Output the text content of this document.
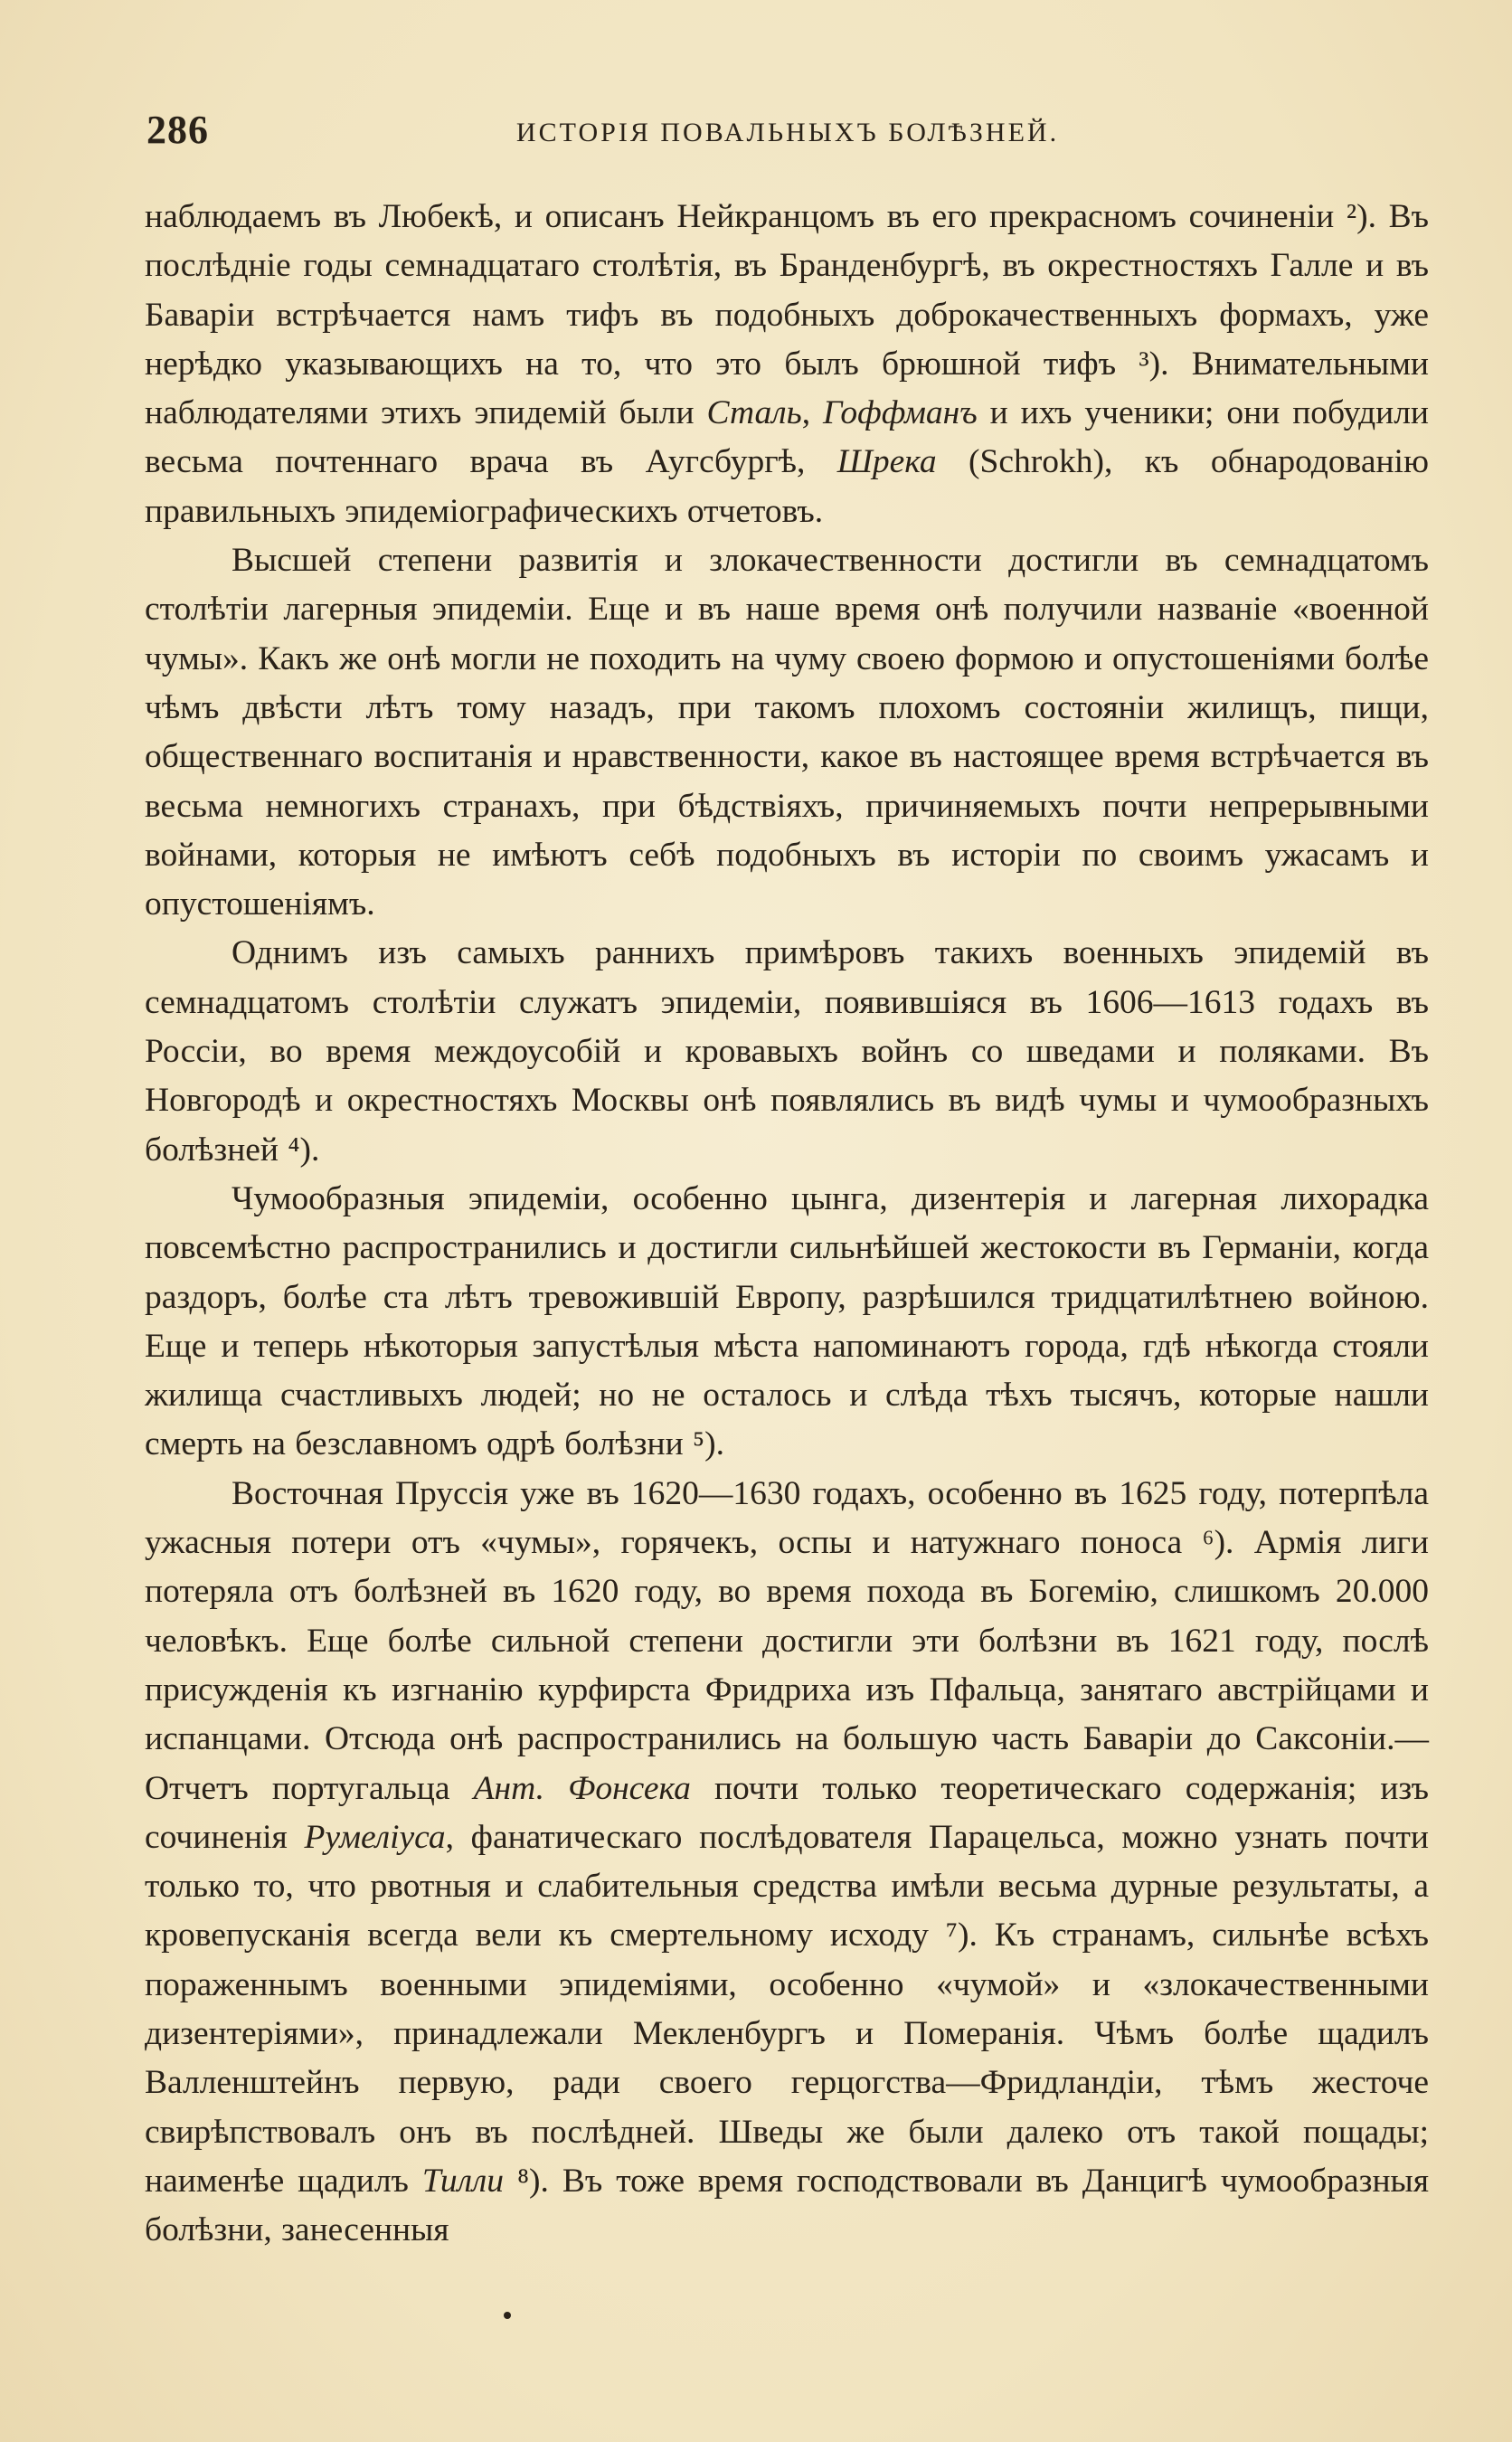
286	ИСТОРІЯ ПОВАЛЬНЫХЪ БОЛѢЗНЕЙ.

наблюдаемъ въ Любекѣ, и описанъ Нейкранцомъ въ его прекрасномъ сочиненіи ²). Въ послѣдніе годы семнадцатаго столѣтія, въ Бранденбургѣ, въ окрестностяхъ Галле и въ Баваріи встрѣчается намъ тифъ въ подобныхъ доброкачественныхъ формахъ, уже нерѣдко указывающихъ на то, что это былъ брюшной тифъ ³). Внимательными наблюдателями этихъ эпидемій были Сталь, Гоффманъ и ихъ ученики; они побудили весьма почтеннаго врача въ Аугсбургѣ, Шрека (Schrokh), къ обнародованію правильныхъ эпидеміографическихъ отчетовъ.

Высшей степени развитія и злокачественности достигли въ семнадцатомъ столѣтіи лагерныя эпидеміи. Еще и въ наше время онѣ получили названіе «военной чумы». Какъ же онѣ могли не походить на чуму своею формою и опустошеніями болѣе чѣмъ двѣсти лѣтъ тому назадъ, при такомъ плохомъ состояніи жилищъ, пищи, общественнаго воспитанія и нравственности, какое въ настоящее время встрѣчается въ весьма немногихъ странахъ, при бѣдствіяхъ, причиняемыхъ почти непрерывными войнами, которыя не имѣютъ себѣ подобныхъ въ исторіи по своимъ ужасамъ и опустошеніямъ.

Однимъ изъ самыхъ раннихъ примѣровъ такихъ военныхъ эпидемій въ семнадцатомъ столѣтіи служатъ эпидеміи, появившіяся въ 1606—1613 годахъ въ Россіи, во время междоусобій и кровавыхъ войнъ со шведами и поляками. Въ Новгородѣ и окрестностяхъ Москвы онѣ появлялись въ видѣ чумы и чумообразныхъ болѣзней ⁴).

Чумообразныя эпидеміи, особенно цынга, дизентерія и лагерная лихорадка повсемѣстно распространились и достигли сильнѣйшей жестокости въ Германіи, когда раздоръ, болѣе ста лѣтъ тревожившій Европу, разрѣшился тридцатилѣтнею войною. Еще и теперь нѣкоторыя запустѣлыя мѣста напоминаютъ города, гдѣ нѣкогда стояли жилища счастливыхъ людей; но не осталось и слѣда тѣхъ тысячъ, которые нашли смерть на безславномъ одрѣ болѣзни ⁵).

Восточная Пруссія уже въ 1620—1630 годахъ, особенно въ 1625 году, потерпѣла ужасныя потери отъ «чумы», горячекъ, оспы и натужнаго поноса ⁶). Армія лиги потеряла отъ болѣзней въ 1620 году, во время похода въ Богемію, слишкомъ 20.000 человѣкъ. Еще болѣе сильной степени достигли эти болѣзни въ 1621 году, послѣ присужденія къ изгнанію курфирста Фридриха изъ Пфальца, занятаго австрійцами и испанцами. Отсюда онѣ распространились на большую часть Баваріи до Саксоніи.—Отчетъ португальца Ант. Фонсека почти только теоретическаго содержанія; изъ сочиненія Румеліуса, фанатическаго послѣдователя Парацельса, можно узнать почти только то, что рвотныя и слабительныя средства имѣли весьма дурные результаты, а кровепусканія всегда вели къ смертельному исходу ⁷). Къ странамъ, сильнѣе всѣхъ пораженнымъ военными эпидеміями, особенно «чумой» и «злокачественными дизентеріями», принадлежали Мекленбургъ и Померанія. Чѣмъ болѣе щадилъ Валленштейнъ первую, ради своего герцогства—Фридландіи, тѣмъ жесточе свирѣпствовалъ онъ въ послѣдней. Шведы же были далеко отъ такой пощады; наименѣе щадилъ Тилли ⁸). Въ тоже время господствовали въ Данцигѣ чумообразныя болѣзни, занесенныя
